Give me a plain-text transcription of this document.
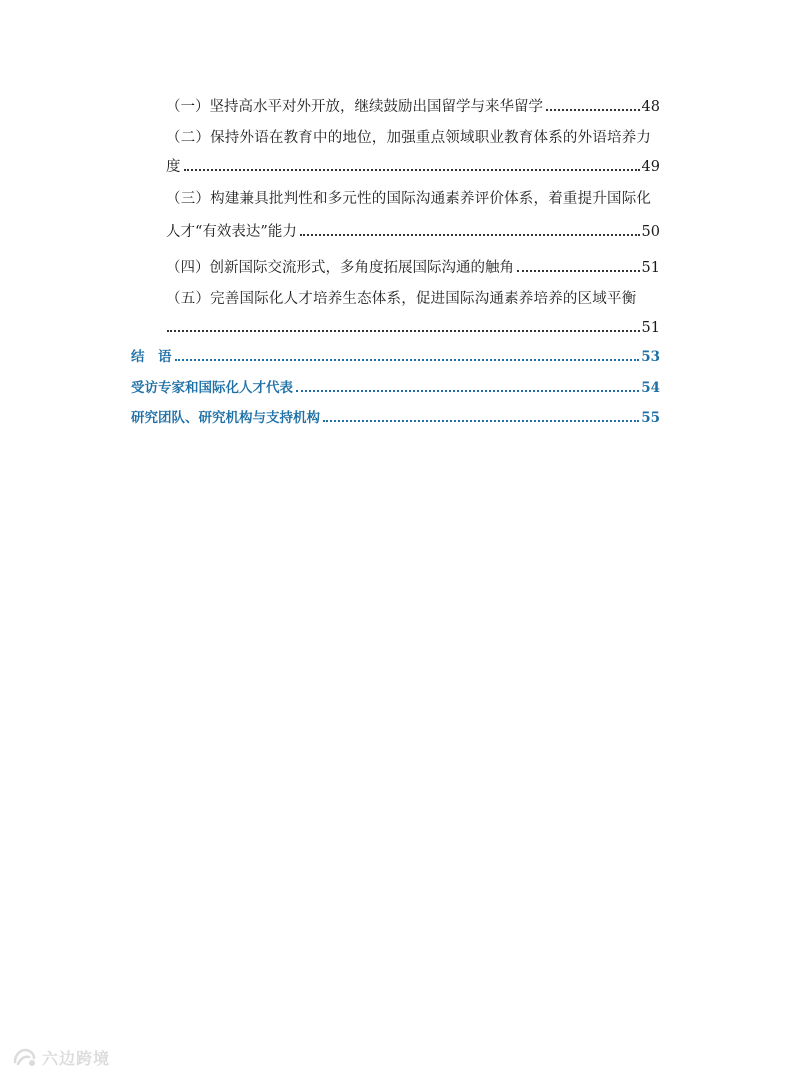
（一）坚持高水平对外开放，继续鼓励出国留学与来华留学	48
（二）保持外语在教育中的地位，加强重点领域职业教育体系的外语培养力
度	49
（三）构建兼具批判性和多元性的国际沟通素养评价体系，着重提升国际化
人才“有效表达”能力	50
（四）创新国际交流形式，多角度拓展国际沟通的触角	51
（五）完善国际化人才培养生态体系，促进国际沟通素养培养的区域平衡
51
结　语	53
受访专家和国际化人才代表	54
研究团队、研究机构与支持机构	55
六边跨境
